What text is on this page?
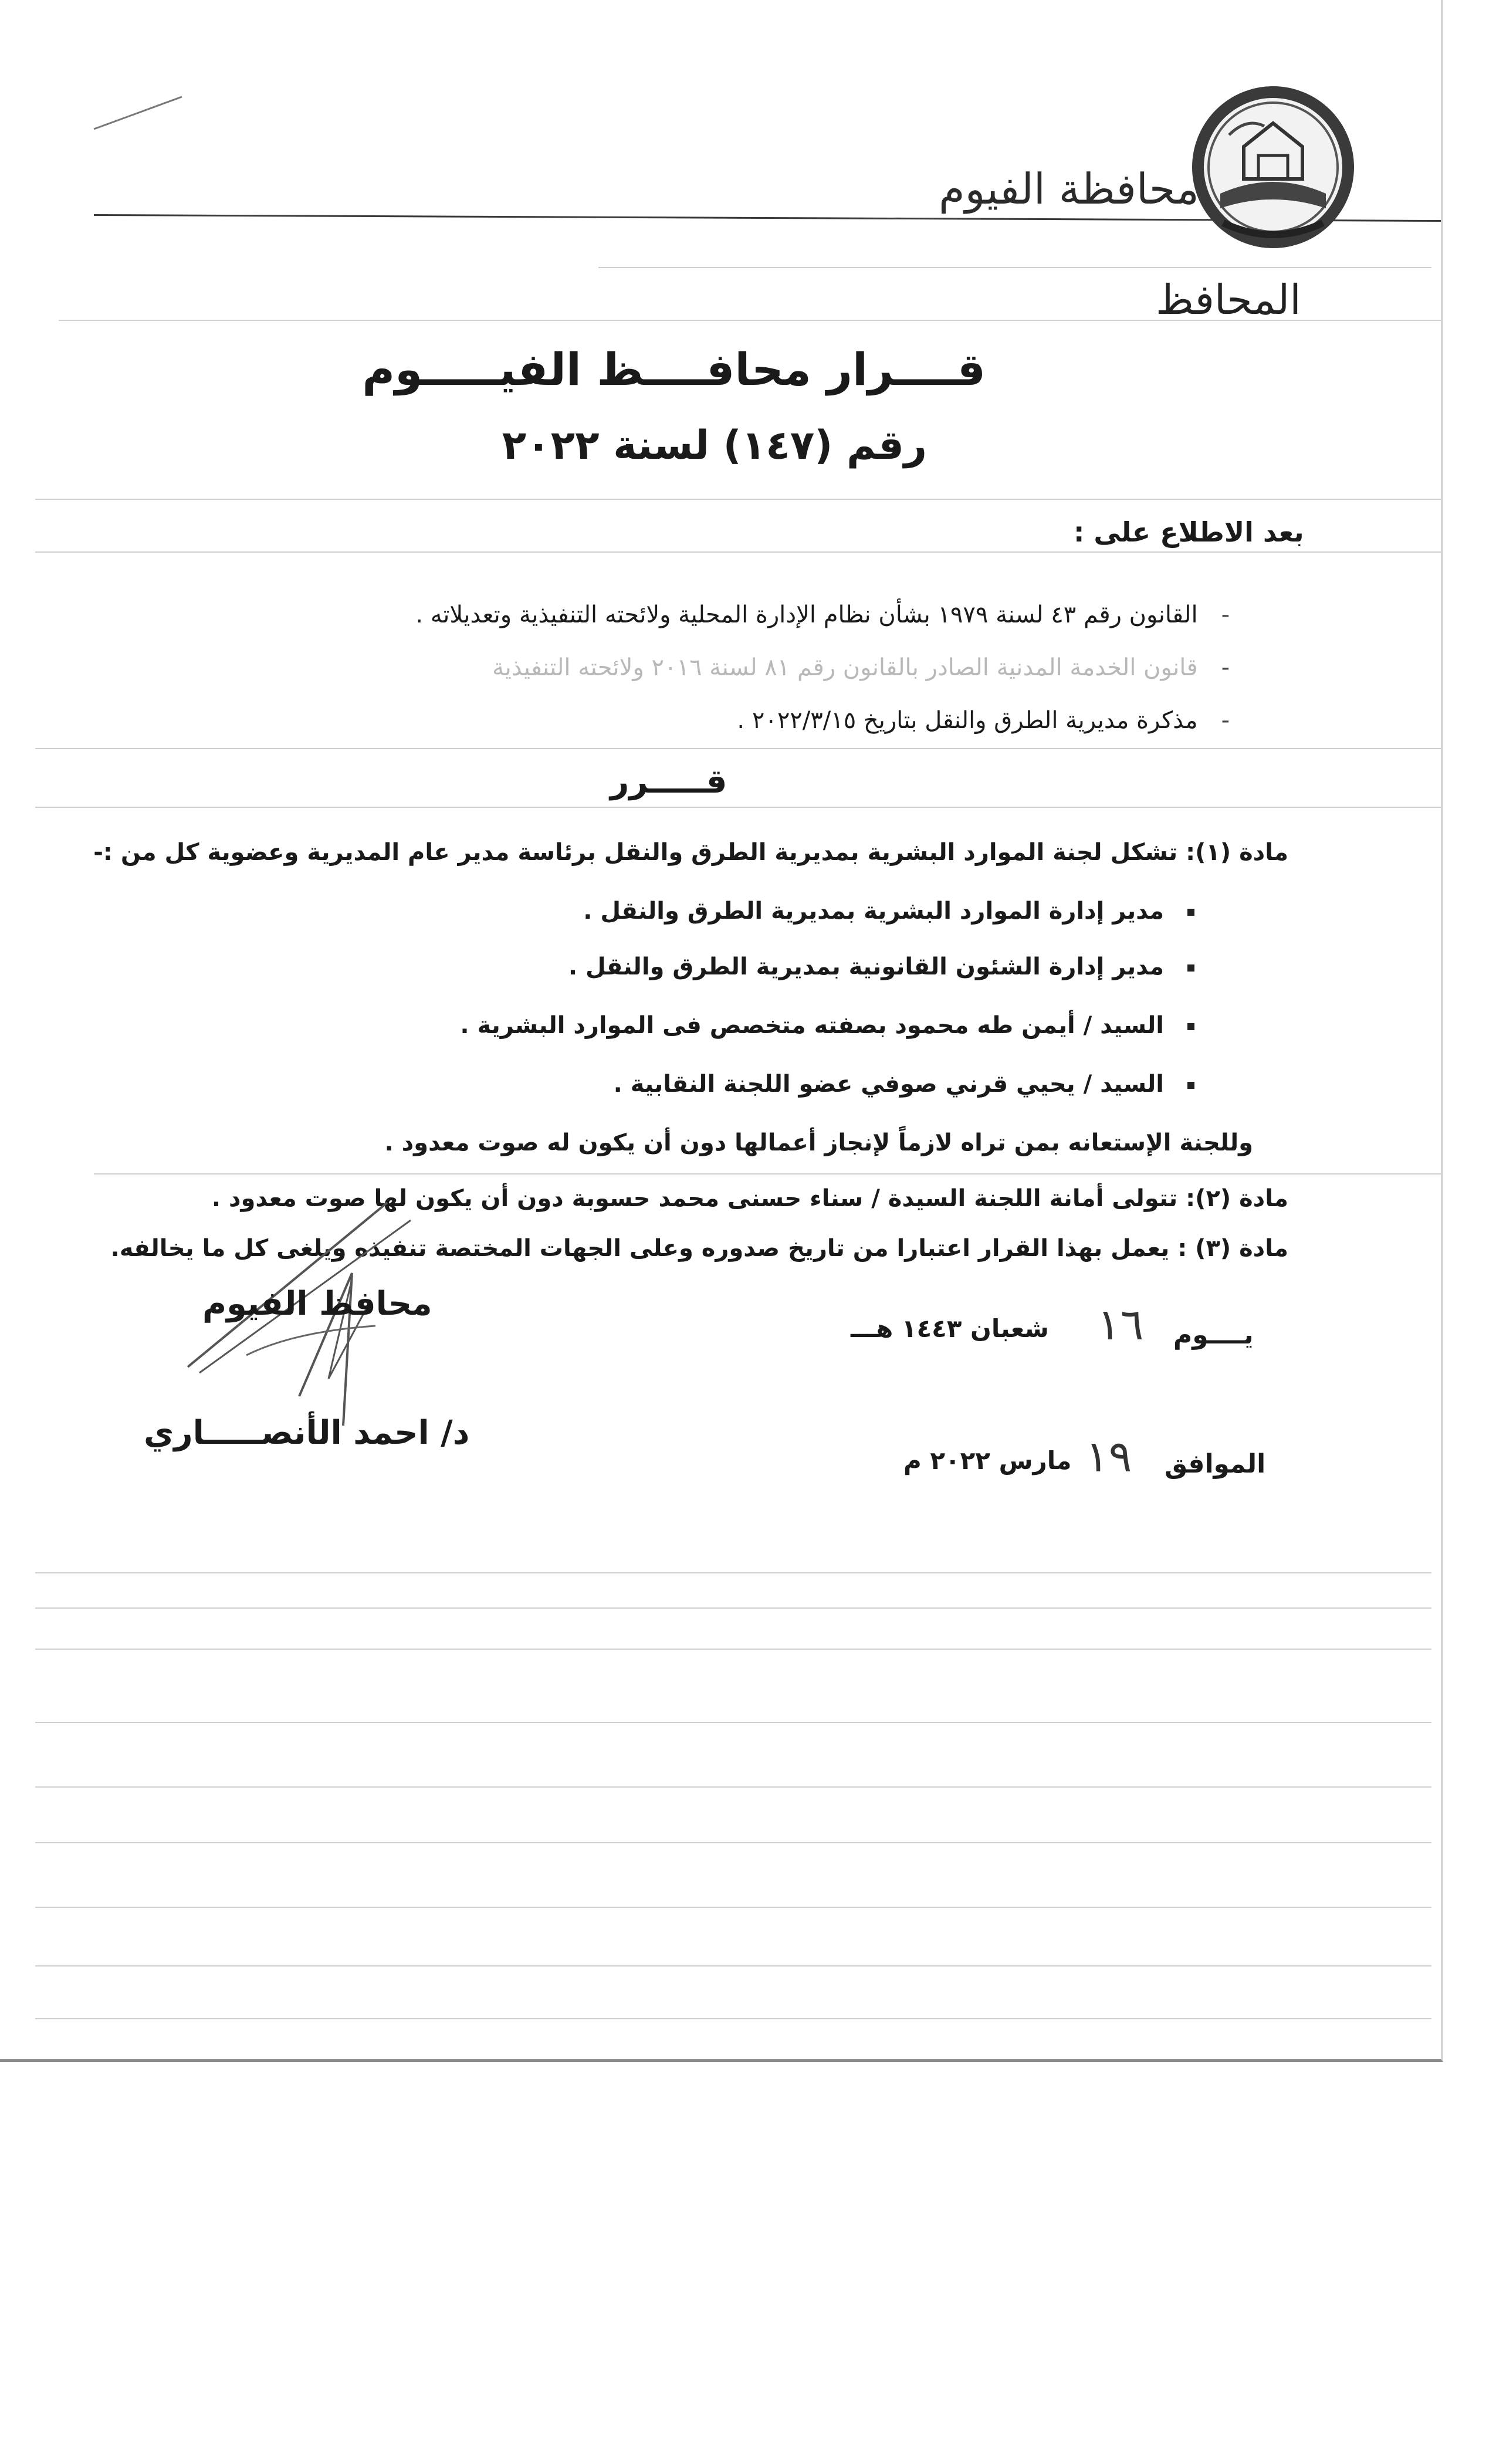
محافظة الفيوم
المحافظ
قــــرار محافــــظ الفيـــــوم
رقم (١٤٧) لسنة ٢٠٢٢
بعد الاطلاع على :
-القانون رقم ٤٣ لسنة ١٩٧٩ بشأن نظام الإدارة المحلية ولائحته التنفيذية وتعديلاته .
-قانون الخدمة المدنية الصادر بالقانون رقم ٨١ لسنة ٢٠١٦ ولائحته التنفيذية
-مذكرة مديرية الطرق والنقل بتاريخ ٢٠٢٢/٣/١٥ .
قـــــرر
مادة (١):تشكل لجنة الموارد البشرية بمديرية الطرق والنقل برئاسة مدير عام المديرية وعضوية كل من :-
مدير إدارة الموارد البشرية بمديرية الطرق والنقل .
مدير إدارة الشئون القانونية بمديرية الطرق والنقل .
السيد / أيمن طه محمود بصفته متخصص فى الموارد البشرية .
السيد / يحيي قرني صوفي عضو اللجنة النقابية .
وللجنة الإستعانه بمن تراه لازماً لإنجاز أعمالها دون أن يكون له صوت معدود .
مادة (٢):تتولى أمانة اللجنة السيدة / سناء حسنى محمد حسوبة دون أن يكون لها صوت معدود .
مادة (٣) :يعمل بهذا القرار اعتبارا من تاريخ صدوره وعلى الجهات المختصة تنفيذه ويلغى كل ما يخالفه.
محافظ الفيوم
د/ احمد الأنصـــــاري
يــــوم
١٦
شعبان ١٤٤٣ هـــ
الموافق
١٩
مارس ٢٠٢٢ م
